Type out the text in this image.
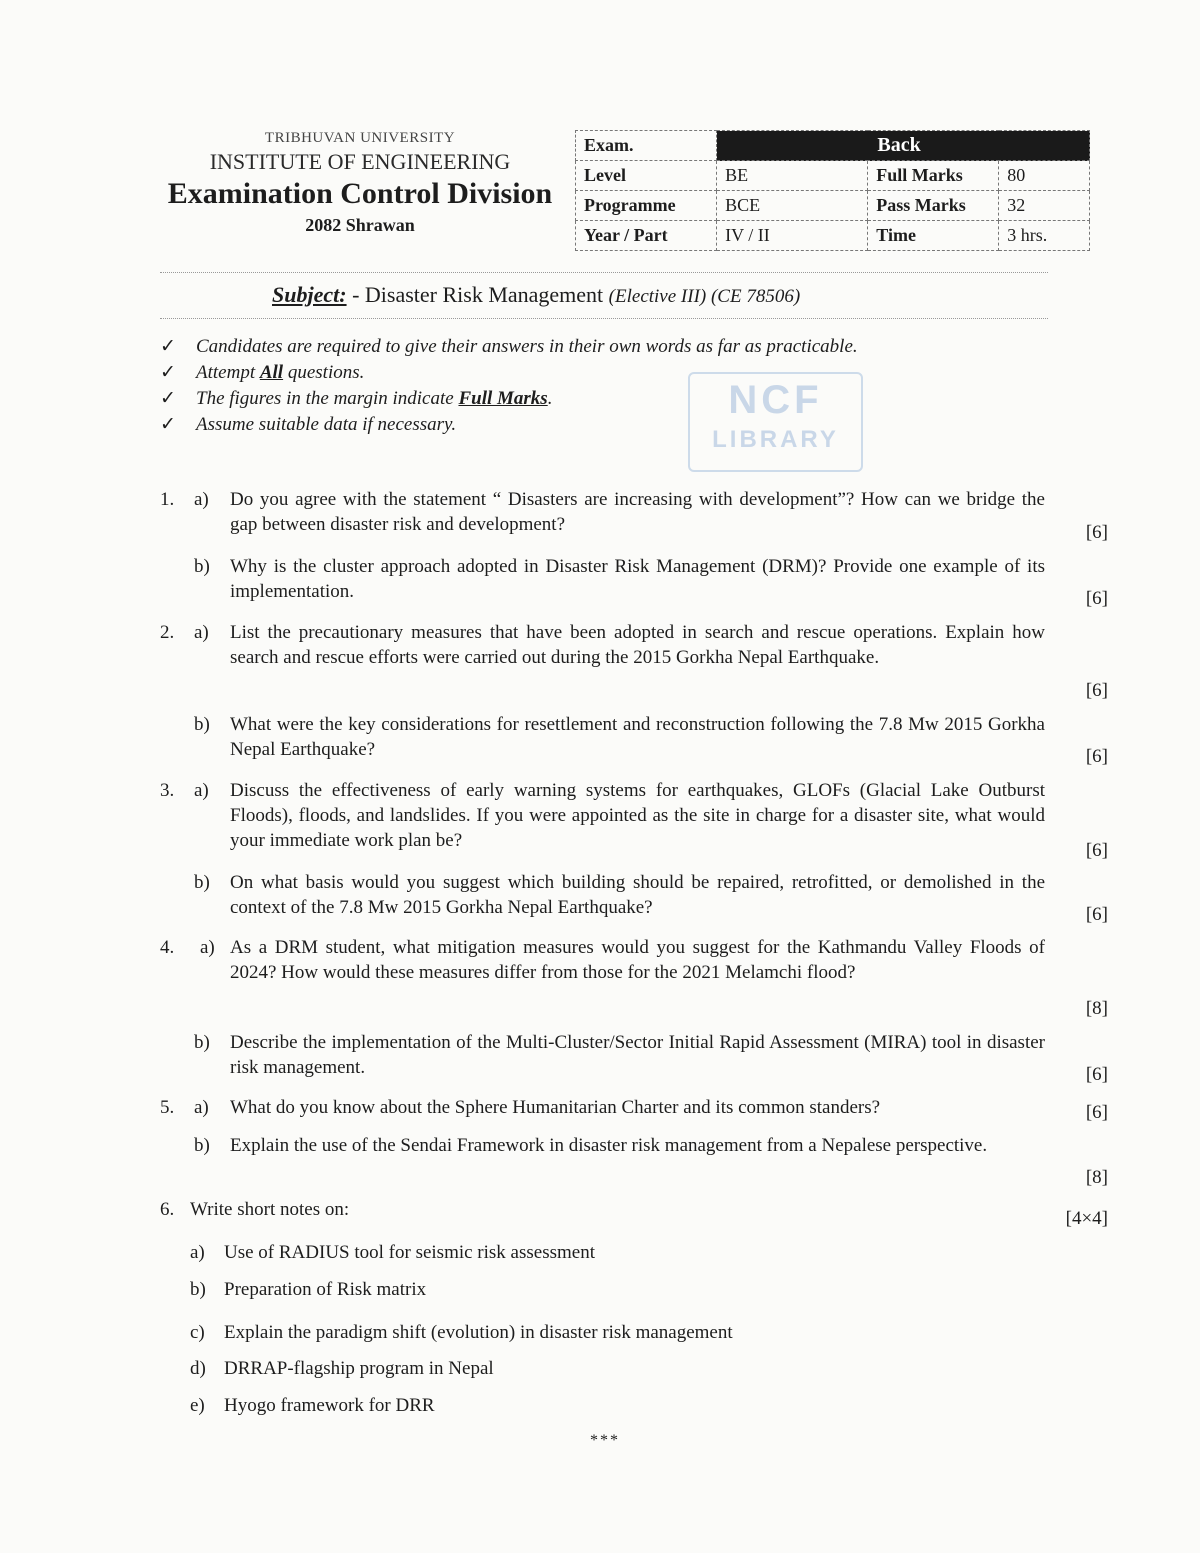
TRIBHUVAN UNIVERSITY
INSTITUTE OF ENGINEERING
Examination Control Division
2082 Shrawan
Exam.	Back		
Level	BE	Full Marks	80
Programme	BCE	Pass Marks	32
Year / Part	IV / II	Time	3 hrs.
Subject: - Disaster Risk Management (Elective III) (CE 78506)
✓ Candidates are required to give their answers in their own words as far as practicable.
✓ Attempt All questions.
✓ The figures in the margin indicate Full Marks.
✓ Assume suitable data if necessary.
NCF
LIBRARY
1.	a)	Do you agree with the statement “ Disasters are increasing with development”? How can we bridge the gap between disaster risk and development?	[6]
b)	Why is the cluster approach adopted in Disaster Risk Management (DRM)? Provide one example of its implementation.	[6]
2.	a)	List the precautionary measures that have been adopted in search and rescue operations. Explain how search and rescue efforts were carried out during the 2015 Gorkha Nepal Earthquake.
[6]
b)	What were the key considerations for resettlement and reconstruction following the 7.8 Mw 2015 Gorkha Nepal Earthquake?	[6]
3.	a)	Discuss the effectiveness of early warning systems for earthquakes, GLOFs (Glacial Lake Outburst Floods), floods, and landslides. If you were appointed as the site in charge for a disaster site, what would your immediate work plan be?	[6]
b)	On what basis would you suggest which building should be repaired, retrofitted, or demolished in the context of the 7.8 Mw 2015 Gorkha Nepal Earthquake?	[6]
4.	a) As a DRM student, what mitigation measures would you suggest for the Kathmandu Valley Floods of 2024? How would these measures differ from those for the 2021 Melamchi flood?
[8]
b)	Describe the implementation of the Multi-Cluster/Sector Initial Rapid Assessment (MIRA) tool in disaster risk management.	[6]
5.	a)	What do you know about the Sphere Humanitarian Charter and its common standers?	[6]
b)	Explain the use of the Sendai Framework in disaster risk management from a Nepalese perspective.
[8]
6. Write short notes on:	[4×4]
a)	Use of RADIUS tool for seismic risk assessment
b) Preparation of Risk matrix
c)	Explain the paradigm shift (evolution) in disaster risk management
d) DRRAP-flagship program in Nepal
e)	Hyogo framework for DRR
***
